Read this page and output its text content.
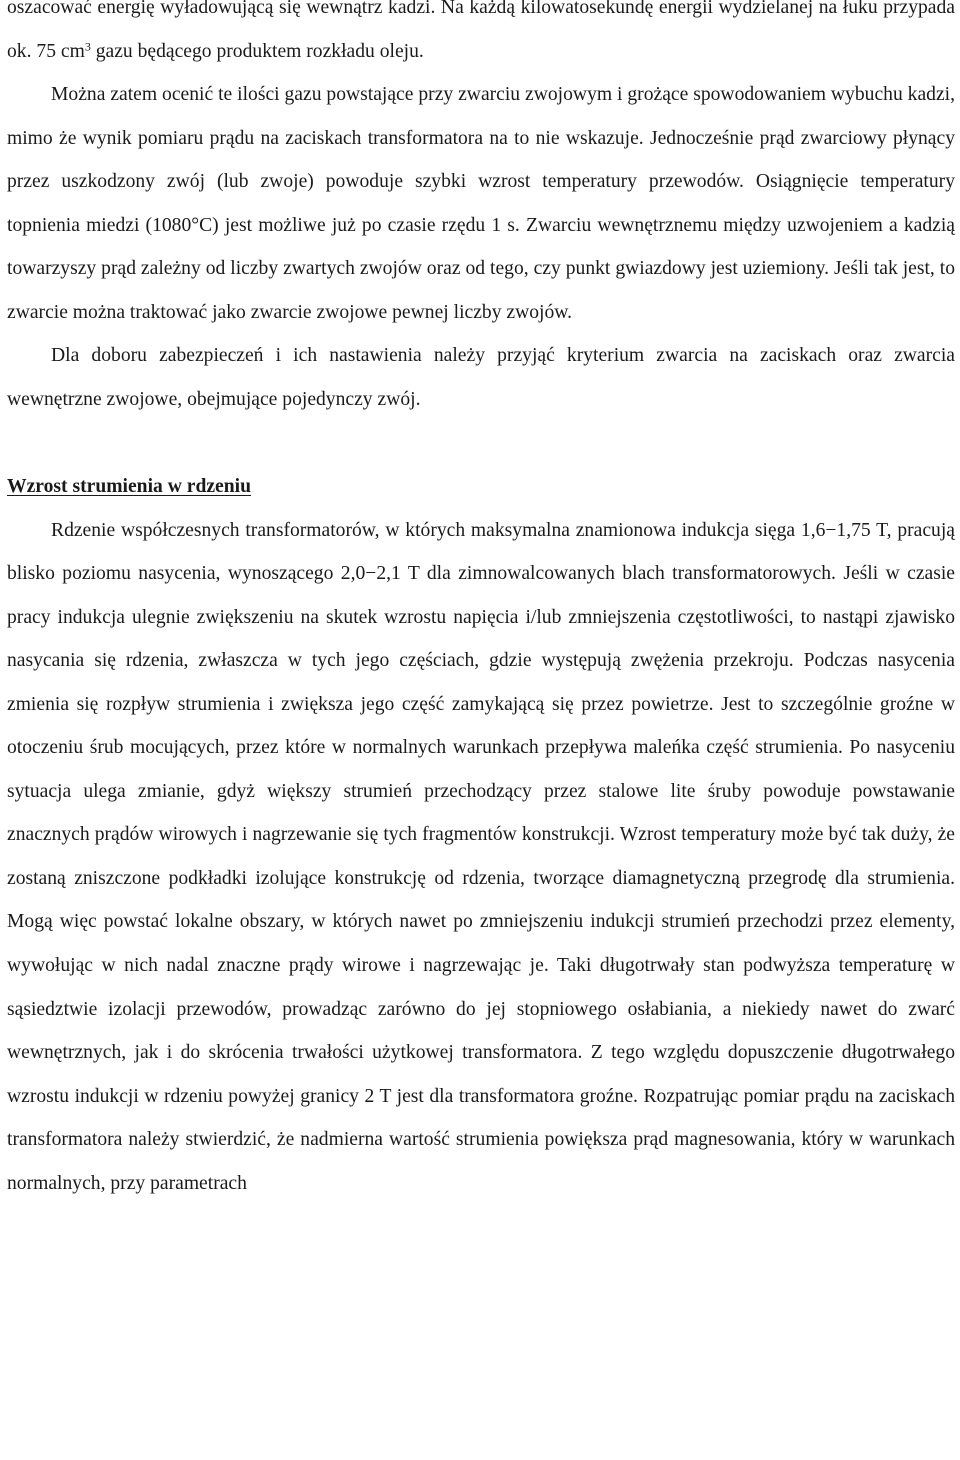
oszacować energię wyładowującą się wewnątrz kadzi. Na każdą kilowatosekundę energii wydzielanej na łuku przypada ok. 75 $cm^3$ gazu będącego produktem rozkładu oleju.

Można zatem ocenić te ilości gazu powstające przy zwarciu zwojowym i grożące spowodowaniem wybuchu kadzi, mimo że wynik pomiaru prądu na zaciskach transformatora na to nie wskazuje. Jednocześnie prąd zwarciowy płynący przez uszkodzony zwój (lub zwoje) powoduje szybki wzrost temperatury przewodów. Osiągnięcie temperatury topnienia miedzi (1080°C) jest możliwe już po czasie rzędu 1 s. Zwarciu wewnętrznemu między uzwojeniem a kadzią towarzyszy prąd zależny od liczby zwartych zwojów oraz od tego, czy punkt gwiazdowy jest uziemiony. Jeśli tak jest, to zwarcie można traktować jako zwarcie zwojowe pewnej liczby zwojów.

Dla doboru zabezpieczeń i ich nastawienia należy przyjąć kryterium zwarcia na zaciskach oraz zwarcia wewnętrzne zwojowe, obejmujące pojedynczy zwój.

Wzrost strumienia w rdzeniu

Rdzenie współczesnych transformatorów, w których maksymalna znamionowa indukcja sięga 1,6−1,75 T, pracują blisko poziomu nasycenia, wynoszącego 2,0−2,1 T dla zimnowalcowanych blach transformatorowych. Jeśli w czasie pracy indukcja ulegnie zwiększeniu na skutek wzrostu napięcia i/lub zmniejszenia częstotliwości, to nastąpi zjawisko nasycania się rdzenia, zwłaszcza w tych jego częściach, gdzie występują zwężenia przekroju. Podczas nasycenia zmienia się rozpływ strumienia i zwiększa jego część zamykającą się przez powietrze. Jest to szczególnie groźne w otoczeniu śrub mocujących, przez które w normalnych warunkach przepływa maleńka część strumienia. Po nasyceniu sytuacja ulega zmianie, gdyż większy strumień przechodzący przez stalowe lite śruby powoduje powstawanie znacznych prądów wirowych i nagrzewanie się tych fragmentów konstrukcji. Wzrost temperatury może być tak duży, że zostaną zniszczone podkładki izolujące konstrukcję od rdzenia, tworzące diamagnetyczną przegrodę dla strumienia. Mogą więc powstać lokalne obszary, w których nawet po zmniejszeniu indukcji strumień przechodzi przez elementy, wywołując w nich nadal znaczne prądy wirowe i nagrzewając je. Taki długotrwały stan podwyższa temperaturę w sąsiedztwie izolacji przewodów, prowadząc zarówno do jej stopniowego osłabiania, a niekiedy nawet do zwarć wewnętrznych, jak i do skrócenia trwałości użytkowej transformatora. Z tego względu dopuszczenie długotrwałego wzrostu indukcji w rdzeniu powyżej granicy 2 T jest dla transformatora groźne. Rozpatrując pomiar prądu na zaciskach transformatora należy stwierdzić, że nadmierna wartość strumienia powiększa prąd magnesowania, który w warunkach normalnych, przy parametrach
